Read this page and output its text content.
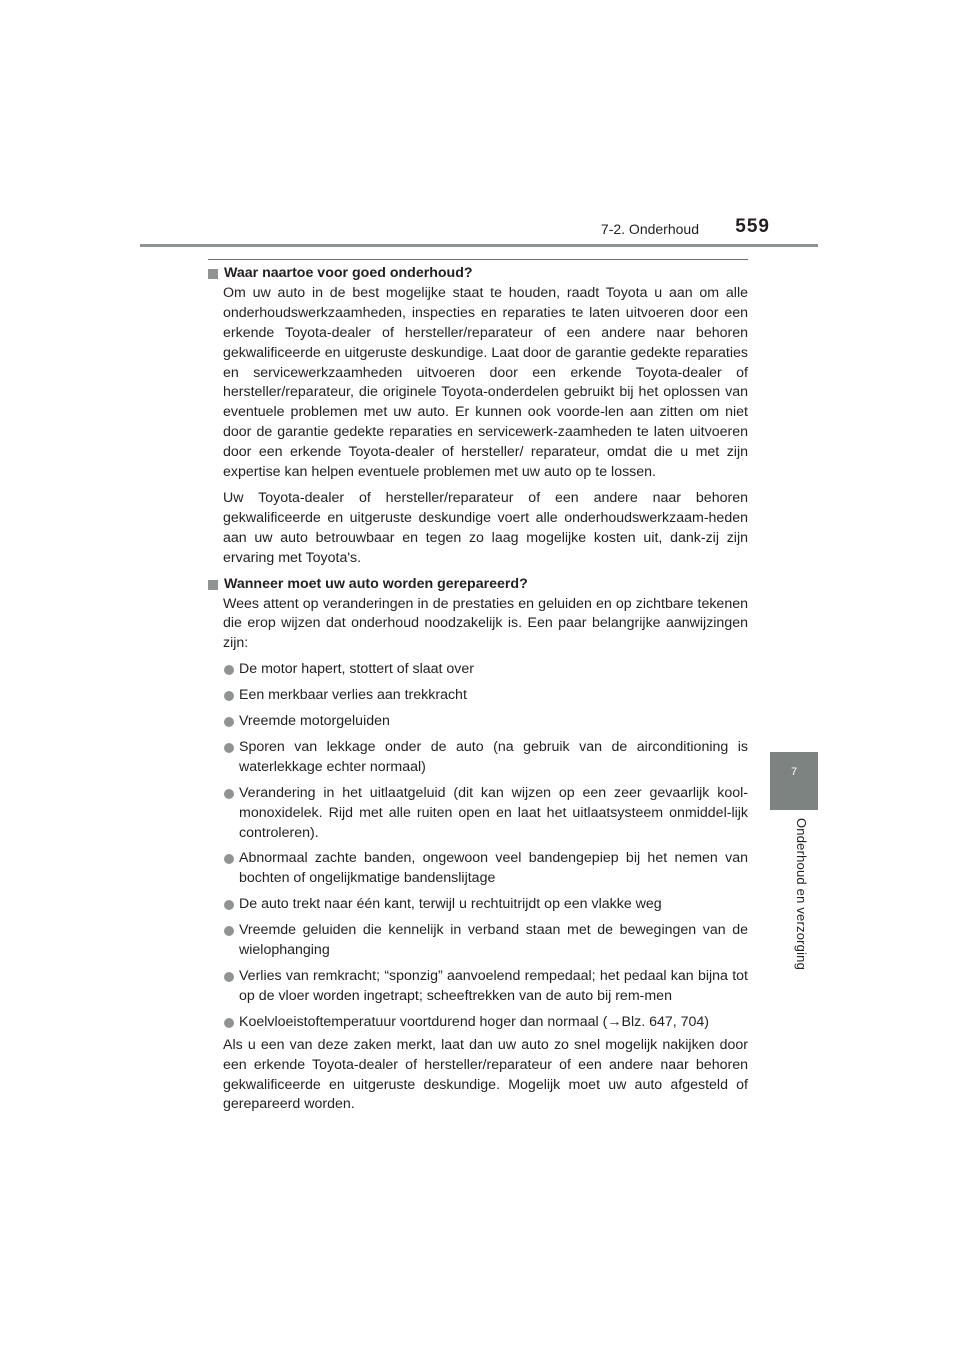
7-2. Onderhoud 559
7
Onderhoud en verzorging

Waar naartoe voor goed onderhoud?

Om uw auto in de best mogelijke staat te houden, raadt Toyota u aan om alle onderhoudswerkzaamheden, inspecties en reparaties te laten uitvoeren door een erkende Toyota-dealer of hersteller/reparateur of een andere naar behoren gekwalificeerde en uitgeruste deskundige. Laat door de garantie gedekte reparaties en servicewerkzaamheden uitvoeren door een erkende Toyota-dealer of hersteller/reparateur, die originele Toyota-onderdelen gebruikt bij het oplossen van eventuele problemen met uw auto. Er kunnen ook voorde-len aan zitten om niet door de garantie gedekte reparaties en servicewerk-zaamheden te laten uitvoeren door een erkende Toyota-dealer of hersteller/ reparateur, omdat die u met zijn expertise kan helpen eventuele problemen met uw auto op te lossen.

Uw Toyota-dealer of hersteller/reparateur of een andere naar behoren gekwalificeerde en uitgeruste deskundige voert alle onderhoudswerkzaam-heden aan uw auto betrouwbaar en tegen zo laag mogelijke kosten uit, dank-zij zijn ervaring met Toyota's.

Wanneer moet uw auto worden gerepareerd?

Wees attent op veranderingen in de prestaties en geluiden en op zichtbare tekenen die erop wijzen dat onderhoud noodzakelijk is. Een paar belangrijke aanwijzingen zijn:

De motor hapert, stottert of slaat over
Een merkbaar verlies aan trekkracht
Vreemde motorgeluiden
Sporen van lekkage onder de auto (na gebruik van de airconditioning is waterlekkage echter normaal)
Verandering in het uitlaatgeluid (dit kan wijzen op een zeer gevaarlijk kool-monoxidelek. Rijd met alle ruiten open en laat het uitlaatsysteem onmiddel-lijk controleren).
Abnormaal zachte banden, ongewoon veel bandengepiep bij het nemen van bochten of ongelijkmatige bandenslijtage
De auto trekt naar één kant, terwijl u rechtuitrijdt op een vlakke weg
Vreemde geluiden die kennelijk in verband staan met de bewegingen van de wielophanging
Verlies van remkracht; “sponzig” aanvoelend rempedaal; het pedaal kan bijna tot op de vloer worden ingetrapt; scheeftrekken van de auto bij rem-men
Koelvloeistoftemperatuur voortdurend hoger dan normaal (→Blz. 647, 704)

Als u een van deze zaken merkt, laat dan uw auto zo snel mogelijk nakijken door een erkende Toyota-dealer of hersteller/reparateur of een andere naar behoren gekwalificeerde en uitgeruste deskundige. Mogelijk moet uw auto afgesteld of gerepareerd worden.
